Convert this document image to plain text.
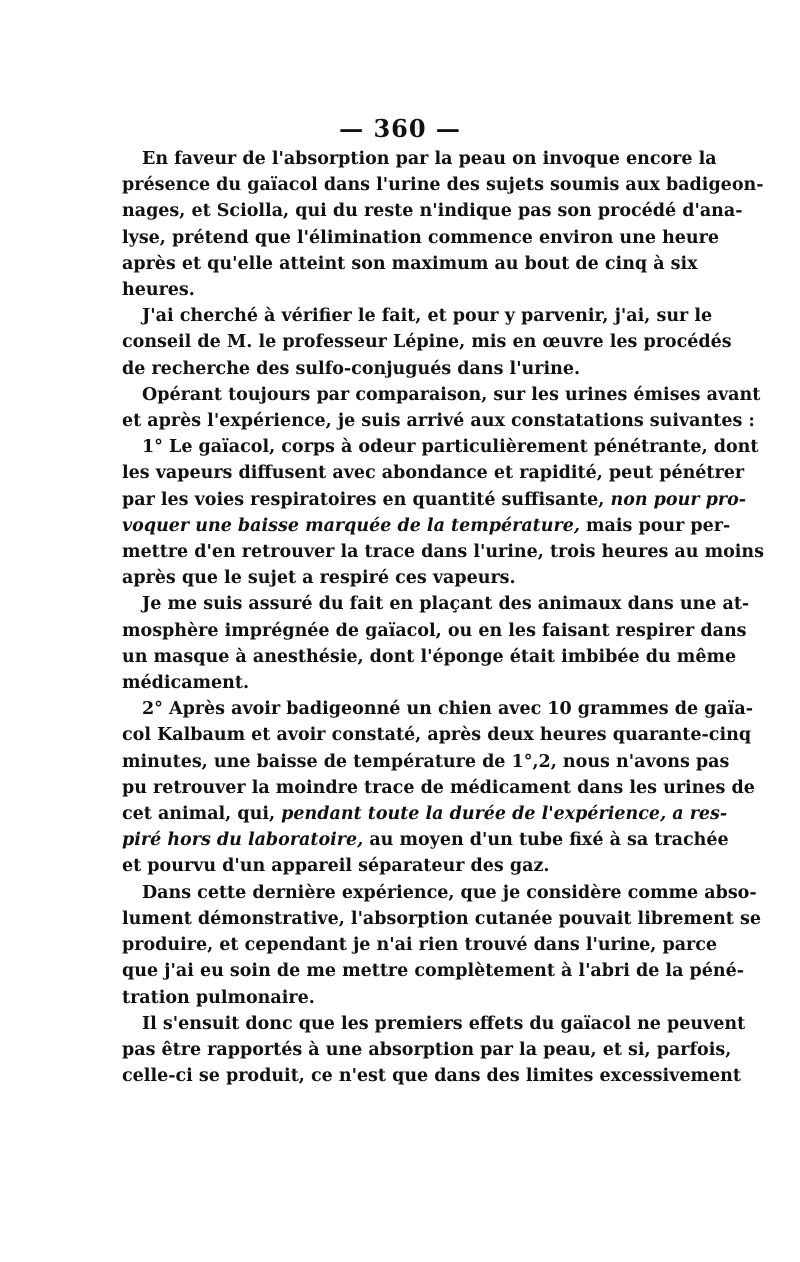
— 360 —
En faveur de l'absorption par la peau on invoque encore la
présence du gaïacol dans l'urine des sujets soumis aux badigeon-
nages, et Sciolla, qui du reste n'indique pas son procédé d'ana-
lyse, prétend que l'élimination commence environ une heure
après et qu'elle atteint son maximum au bout de cinq à six
heures.
J'ai cherché à vérifier le fait, et pour y parvenir, j'ai, sur le
conseil de M. le professeur Lépine, mis en œuvre les procédés
de recherche des sulfo-conjugués dans l'urine.
Opérant toujours par comparaison, sur les urines émises avant
et après l'expérience, je suis arrivé aux constatations suivantes :
1° Le gaïacol, corps à odeur particulièrement pénétrante, dont
les vapeurs diffusent avec abondance et rapidité, peut pénétrer
par les voies respiratoires en quantité suffisante, non pour pro-
voquer une baisse marquée de la température, mais pour per-
mettre d'en retrouver la trace dans l'urine, trois heures au moins
après que le sujet a respiré ces vapeurs.
Je me suis assuré du fait en plaçant des animaux dans une at-
mosphère imprégnée de gaïacol, ou en les faisant respirer dans
un masque à anesthésie, dont l'éponge était imbibée du même
médicament.
2° Après avoir badigeonné un chien avec 10 grammes de gaïa-
col Kalbaum et avoir constaté, après deux heures quarante-cinq
minutes, une baisse de température de 1°,2, nous n'avons pas
pu retrouver la moindre trace de médicament dans les urines de
cet animal, qui, pendant toute la durée de l'expérience, a res-
piré hors du laboratoire, au moyen d'un tube fixé à sa trachée
et pourvu d'un appareil séparateur des gaz.
Dans cette dernière expérience, que je considère comme abso-
lument démonstrative, l'absorption cutanée pouvait librement se
produire, et cependant je n'ai rien trouvé dans l'urine, parce
que j'ai eu soin de me mettre complètement à l'abri de la péné-
tration pulmonaire.
Il s'ensuit donc que les premiers effets du gaïacol ne peuvent
pas être rapportés à une absorption par la peau, et si, parfois,
celle-ci se produit, ce n'est que dans des limites excessivement
